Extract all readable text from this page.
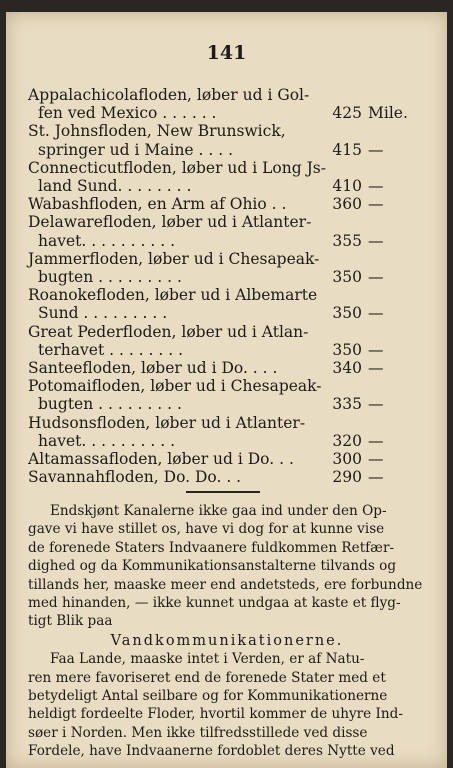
141
Appalachicolafloden, løber ud i Gol-
fen ved Mexico . . . . . .	425 Mile.
St. Johnsfloden, New Brunswick,
springer ud i Maine . . . .	415 —
Connecticutfloden, løber ud i Long Js-
land Sund. . . . . . . .	410 —
Wabashfloden, en Arm af Ohio . .	360 —
Delawarefloden, løber ud i Atlanter-
havet. . . . . . . . . .	355 —
Jammerfloden, løber ud i Chesapeak-
bugten . . . . . . . . .	350 —
Roanokefloden, løber ud i Albemarte
Sund . . . . . . . . .	350 —
Great Pederfloden, løber ud i Atlan-
terhavet . . . . . . . .	350 —
Santeefloden, løber ud i Do. . . .	340 —
Potomaifloden, løber ud i Chesapeak-
bugten . . . . . . . . .	335 —
Hudsonsfloden, løber ud i Atlanter-
havet. . . . . . . . . .	320 —
Altamassafloden, løber ud i Do. . .	300 —
Savannahfloden, Do. Do. . .	290 —

Endskjønt Kanalerne ikke gaa ind under den Op-

gave vi have stillet os, have vi dog for at kunne vise

de forenede Staters Indvaanere fuldkommen Retfær-

dighed og da Kommunikationsanstalterne tilvands og

tillands her, maaske meer end andetsteds, ere forbundne

med hinanden, — ikke kunnet undgaa at kaste et flyg-

tigt Blik paa

Vandkommunikationerne.

Faa Lande, maaske intet i Verden, er af Natu-

ren mere favoriseret end de forenede Stater med et

betydeligt Antal seilbare og for Kommunikationerne

heldigt fordeelte Floder, hvortil kommer de uhyre Ind-

søer i Norden. Men ikke tilfredsstillede ved disse

Fordele, have Indvaanerne fordoblet deres Nytte ved
